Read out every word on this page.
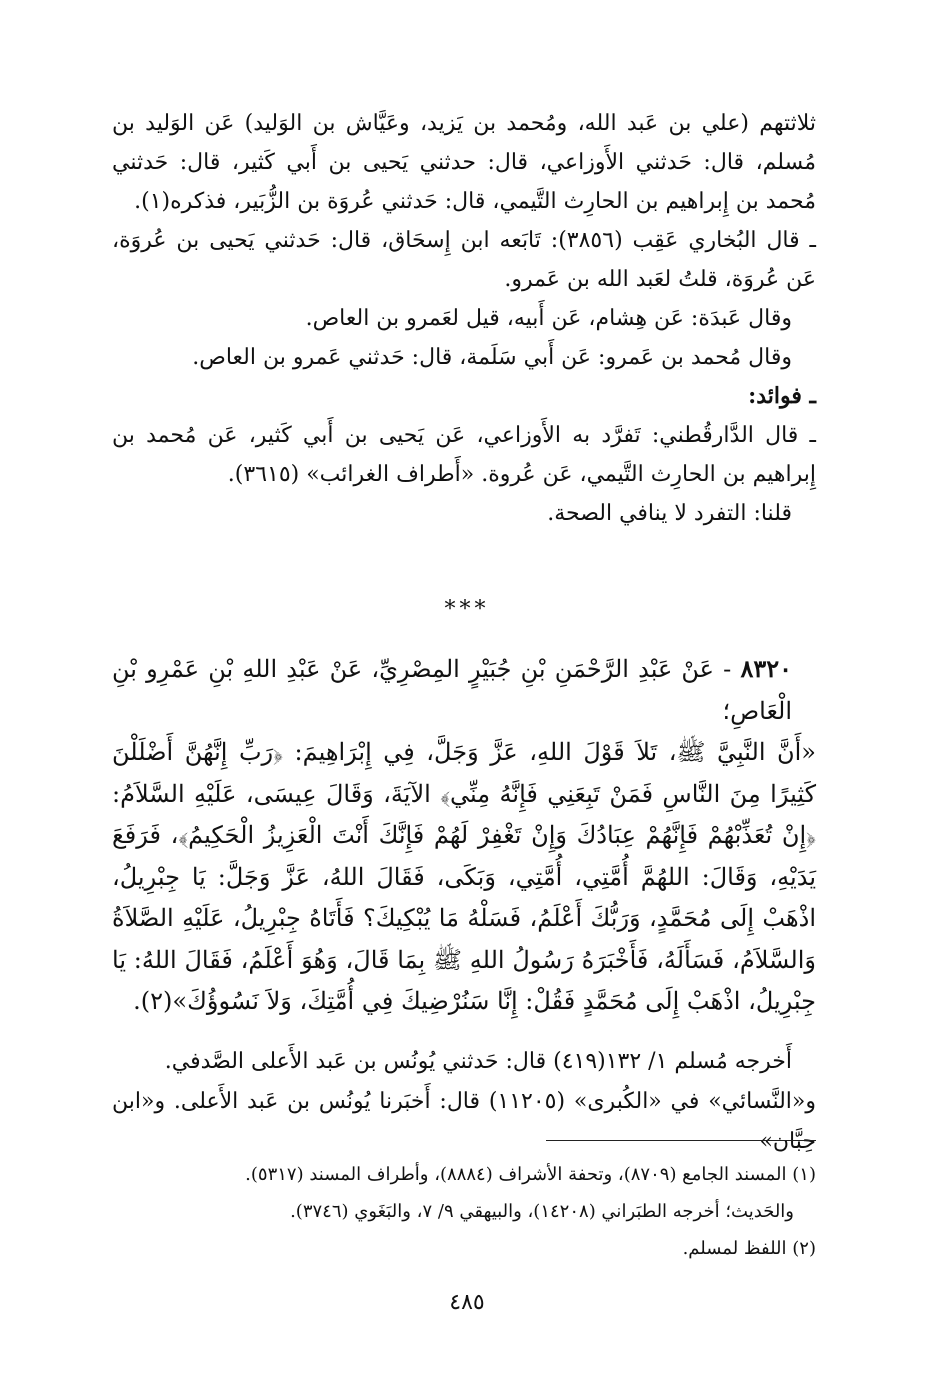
ثلاثتهم (علي بن عَبد الله، ومُحمد بن يَزيد، وعَيَّاش بن الوَليد) عَن الوَليد بن مُسلم، قال: حَدثني الأَوزاعي، قال: حدثني يَحيى بن أَبي كَثير، قال: حَدثني مُحمد بن إِبراهيم بن الحارِث التَّيمي، قال: حَدثني عُروَة بن الزُّبَير، فذكره(١).

ـ قال البُخاري عَقِب (٣٨٥٦): تَابَعه ابن إِسحَاق، قال: حَدثني يَحيى بن عُروَة، عَن عُروَة، قلتُ لعَبد الله بن عَمرو.

وقال عَبدَة: عَن هِشام، عَن أَبيه، قيل لعَمرو بن العاص.

وقال مُحمد بن عَمرو: عَن أَبي سَلَمة، قال: حَدثني عَمرو بن العاص.

ـ فوائد:

ـ قال الدَّارقُطني: تَفرَّد به الأَوزاعي، عَن يَحيى بن أَبي كَثير، عَن مُحمد بن إِبراهيم بن الحارِث التَّيمي، عَن عُروة. «أَطراف الغرائب» (٣٦١٥).

قلنا: التفرد لا ينافي الصحة.

***

٨٣٢٠ - عَنْ عَبْدِ الرَّحْمَنِ بْنِ جُبَيْرٍ المِصْرِيِّ، عَنْ عَبْدِ اللهِ بْنِ عَمْرِو بْنِ الْعَاصِ؛

«أَنَّ النَّبِيَّ ﷺ، تَلاَ قَوْلَ اللهِ، عَزَّ وَجَلَّ، فِي إِبْرَاهِيمَ: ﴿رَبِّ إِنَّهُنَّ أَضْلَلْنَ كَثِيرًا مِنَ النَّاسِ فَمَنْ تَبِعَنِي فَإِنَّهُ مِنِّي﴾ الآيَةَ، وَقَالَ عِيسَى، عَلَيْهِ السَّلاَمُ: ﴿إِنْ تُعَذِّبْهُمْ فَإِنَّهُمْ عِبَادُكَ وَإِنْ تَغْفِرْ لَهُمْ فَإِنَّكَ أَنْتَ الْعَزِيزُ الْحَكِيمُ﴾، فَرَفَعَ يَدَيْهِ، وَقَالَ: اللهُمَّ أُمَّتِي، أُمَّتِي، وَبَكَى، فَقَالَ اللهُ، عَزَّ وَجَلَّ: يَا جِبْرِيلُ، اذْهَبْ إِلَى مُحَمَّدٍ، وَرَبُّكَ أَعْلَمُ، فَسَلْهُ مَا يُبْكِيكَ؟ فَأَتَاهُ جِبْرِيلُ، عَلَيْهِ الصَّلاَةُ وَالسَّلاَمُ، فَسَأَلَهُ، فَأَخْبَرَهُ رَسُولُ اللهِ ﷺ بِمَا قَالَ، وَهُوَ أَعْلَمُ، فَقَالَ اللهُ: يَا جِبْرِيلُ، اذْهَبْ إِلَى مُحَمَّدٍ فَقُلْ: إِنَّا سَنُرْضِيكَ فِي أُمَّتِكَ، وَلاَ نَسُوؤُكَ»(٢).

أَخرجه مُسلم ١/ ١٣٢(٤١٩) قال: حَدثني يُونُس بن عَبد الأَعلى الصَّدفي.

و«النَّسائي» في «الكُبرى» (١١٢٠٥) قال: أَخبَرنا يُونُس بن عَبد الأَعلى. و«ابن حِبَّان»

(١) المسند الجامع (٨٧٠٩)، وتحفة الأشراف (٨٨٨٤)، وأطراف المسند (٥٣١٧).

والحَديث؛ أخرجه الطبَراني (١٤٢٠٨)، والبيهقي ٩/ ٧، والبَغَوي (٣٧٤٦).

(٢) اللفظ لمسلم.

٤٨٥
